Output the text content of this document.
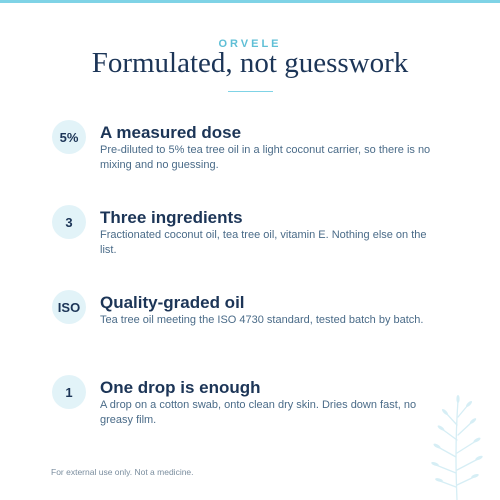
ORVELE
Formulated, not guesswork
5%	A measured dose
Pre-diluted to 5% tea tree oil in a light coconut carrier, so there is no mixing and no guessing.
3	Three ingredients
Fractionated coconut oil, tea tree oil, vitamin E. Nothing else on the list.
ISO	Quality-graded oil
Tea tree oil meeting the ISO 4730 standard, tested batch by batch.
1	One drop is enough
A drop on a cotton swab, onto clean dry skin. Dries down fast, no greasy film.
For external use only. Not a medicine.
